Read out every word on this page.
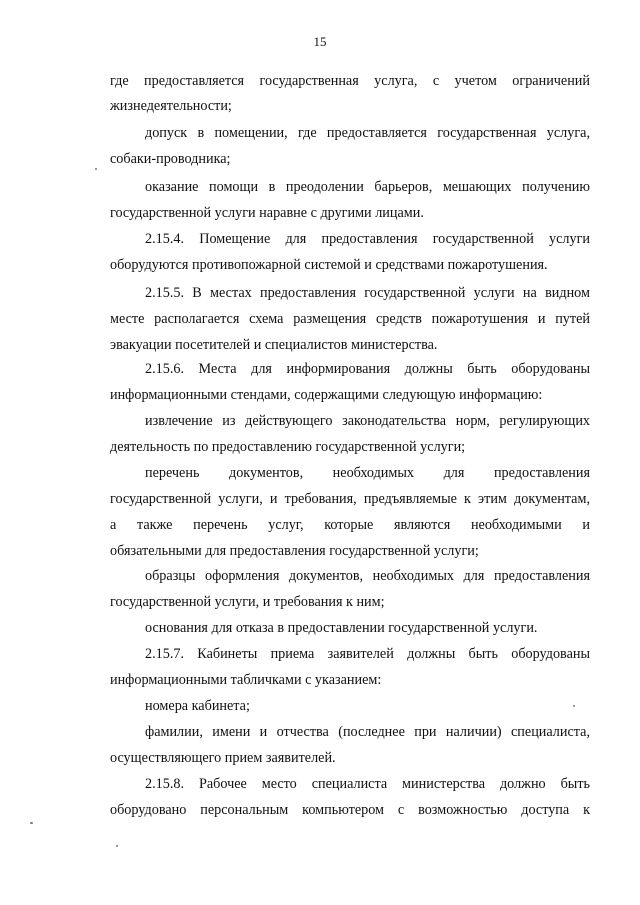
15
где предоставляется государственная услуга, с учетом ограничений
жизнедеятельности;
допуск в помещении, где предоставляется государственная услуга,
собаки-проводника;
оказание помощи в преодолении барьеров, мешающих получению
государственной услуги наравне с другими лицами.
2.15.4. Помещение для предоставления государственной услуги
оборудуются противопожарной системой и средствами пожаротушения.
2.15.5. В местах предоставления государственной услуги на видном
месте располагается схема размещения средств пожаротушения и путей
эвакуации посетителей и специалистов министерства.
2.15.6. Места для информирования должны быть оборудованы
информационными стендами, содержащими следующую информацию:
извлечение из действующего законодательства норм, регулирующих
деятельность по предоставлению государственной услуги;
перечень документов, необходимых для предоставления
государственной услуги, и требования, предъявляемые к этим документам,
а также перечень услуг, которые являются необходимыми и
обязательными для предоставления государственной услуги;
образцы оформления документов, необходимых для предоставления
государственной услуги, и требования к ним;
основания для отказа в предоставлении государственной услуги.
2.15.7. Кабинеты приема заявителей должны быть оборудованы
информационными табличками с указанием:
номера кабинета;
фамилии, имени и отчества (последнее при наличии) специалиста,
осуществляющего прием заявителей.
2.15.8. Рабочее место специалиста министерства должно быть
оборудовано персональным компьютером с возможностью доступа к
